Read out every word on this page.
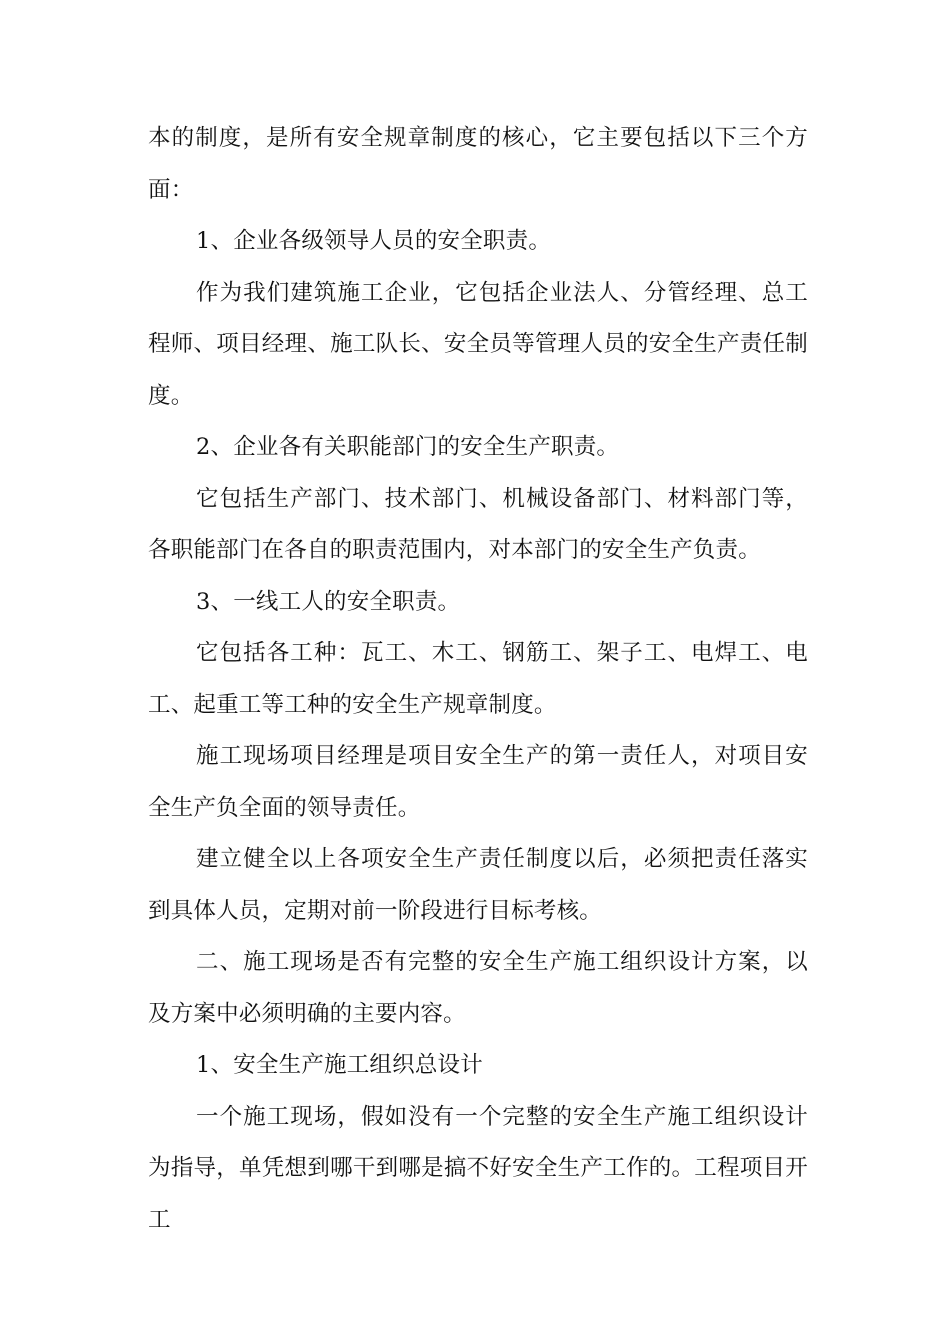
本的制度，是所有安全规章制度的核心，它主要包括以下三个方面：

1、企业各级领导人员的安全职责。

作为我们建筑施工企业，它包括企业法人、分管经理、总工程师、项目经理、施工队长、安全员等管理人员的安全生产责任制度。

2、企业各有关职能部门的安全生产职责。

它包括生产部门、技术部门、机械设备部门、材料部门等，各职能部门在各自的职责范围内，对本部门的安全生产负责。

3、一线工人的安全职责。

它包括各工种：瓦工、木工、钢筋工、架子工、电焊工、电工、起重工等工种的安全生产规章制度。

施工现场项目经理是项目安全生产的第一责任人，对项目安全生产负全面的领导责任。

建立健全以上各项安全生产责任制度以后，必须把责任落实到具体人员，定期对前一阶段进行目标考核。

二、施工现场是否有完整的安全生产施工组织设计方案，以及方案中必须明确的主要内容。

1、安全生产施工组织总设计

一个施工现场，假如没有一个完整的安全生产施工组织设计为指导，单凭想到哪干到哪是搞不好安全生产工作的。工程项目开工
